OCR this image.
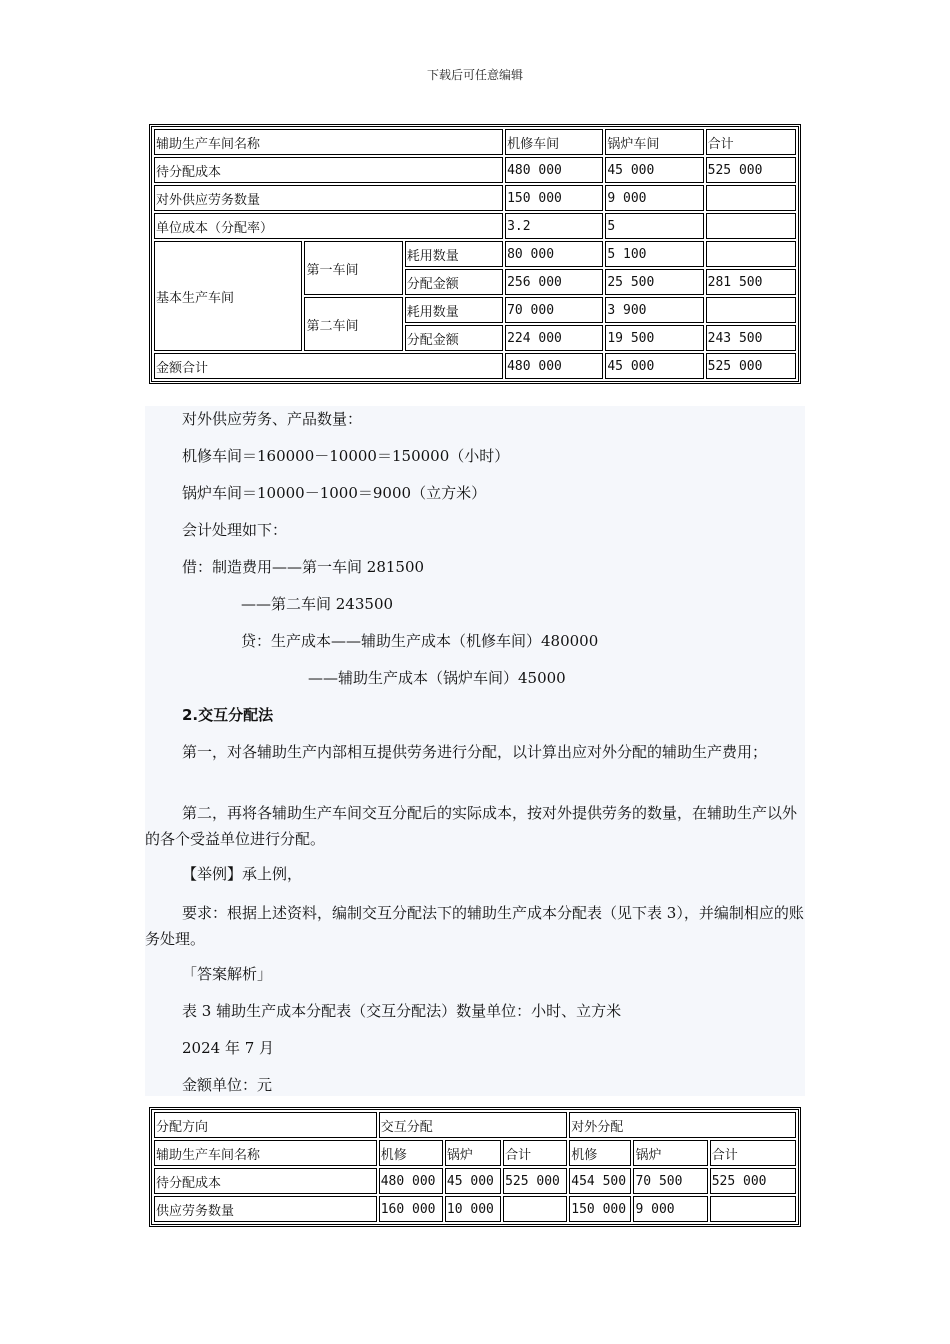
下载后可任意编辑
辅助生产车间名称			机修车间	锅炉车间	合计
待分配成本			480 000	45 000	525 000
对外供应劳务数量			150 000	9 000	
单位成本（分配率）			3.2	5	
基本生产车间	第一车间	耗用数量	80 000	5 100	
		分配金额	256 000	25 500	281 500
	第二车间	耗用数量	70 000	3 900	
		分配金额	224 000	19 500	243 500
金额合计			480 000	45 000	525 000
对外供应劳务、产品数量：
机修车间＝160000－10000＝150000（小时）
锅炉车间＝10000－1000＝9000（立方米）
会计处理如下：
借：制造费用——第一车间 281500
——第二车间 243500
贷：生产成本——辅助生产成本（机修车间）480000
——辅助生产成本（锅炉车间）45000
2.交互分配法
第一，对各辅助生产内部相互提供劳务进行分配，以计算出应对外分配的辅助生产费用；
第二，再将各辅助生产车间交互分配后的实际成本，按对外提供劳务的数量，在辅助生产以外的各个受益单位进行分配。
【举例】承上例，
要求：根据上述资料，编制交互分配法下的辅助生产成本分配表（见下表 3），并编制相应的账务处理。
「答案解析」
表 3 辅助生产成本分配表（交互分配法）数量单位：小时、立方米
2024 年 7 月
金额单位：元
分配方向	交互分配			对外分配		
辅助生产车间名称	机修	锅炉	合计	机修	锅炉	合计
待分配成本	480 000	45 000	525 000	454 500	70 500	525 000
供应劳务数量	160 000	10 000		150 000	9 000	
